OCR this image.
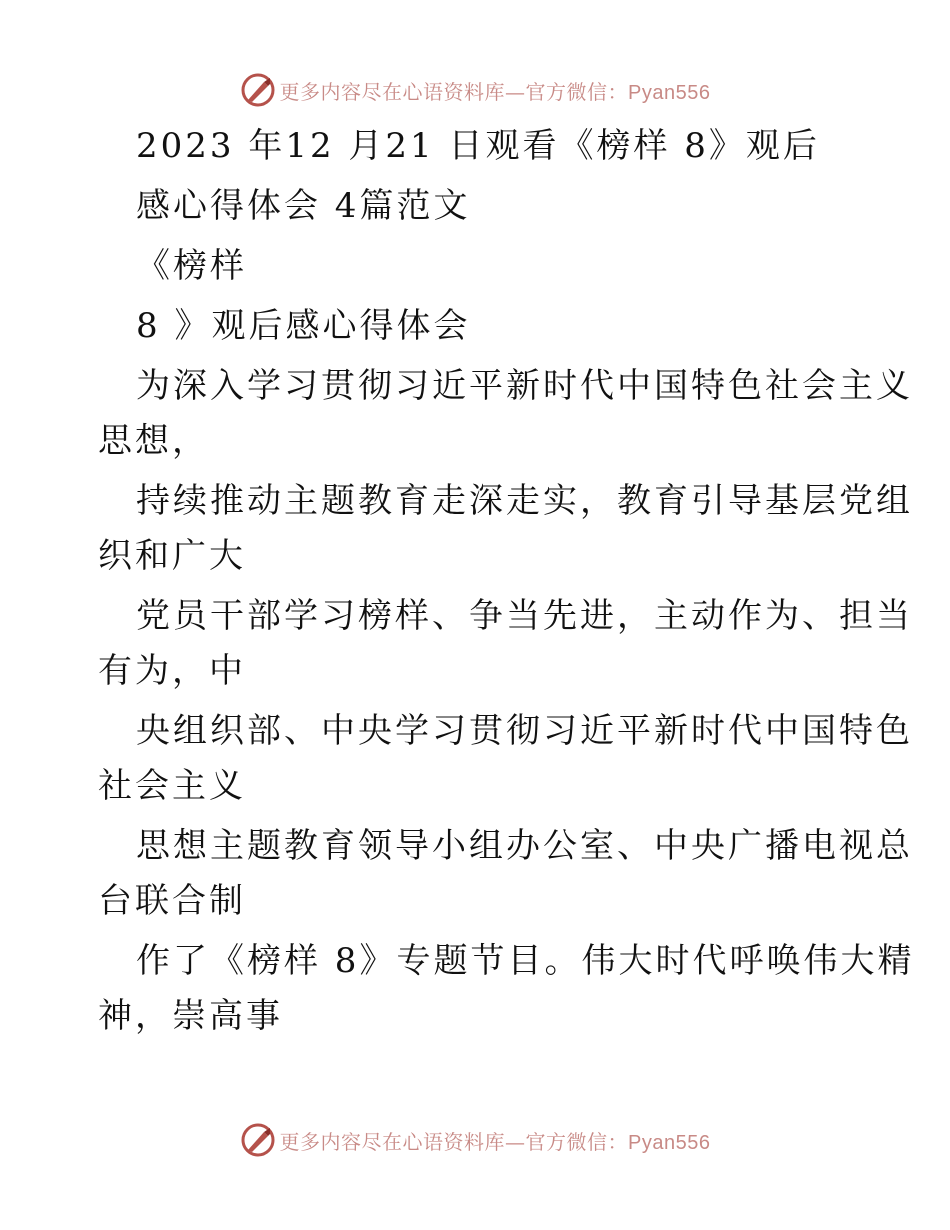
更多内容尽在心语资料库—官方微信：Pyan556
2023 年12 月21 日观看《榜样 8》观后
感心得体会 4篇范文
《榜样
8 》观后感心得体会
为深入学习贯彻习近平新时代中国特色社会主义
思想，
持续推动主题教育走深走实，教育引导基层党组
织和广大
党员干部学习榜样、争当先进，主动作为、担当
有为，中
央组织部、中央学习贯彻习近平新时代中国特色
社会主义
思想主题教育领导小组办公室、中央广播电视总
台联合制
作了《榜样 8》专题节目。伟大时代呼唤伟大精
神，崇高事
更多内容尽在心语资料库—官方微信：Pyan556
